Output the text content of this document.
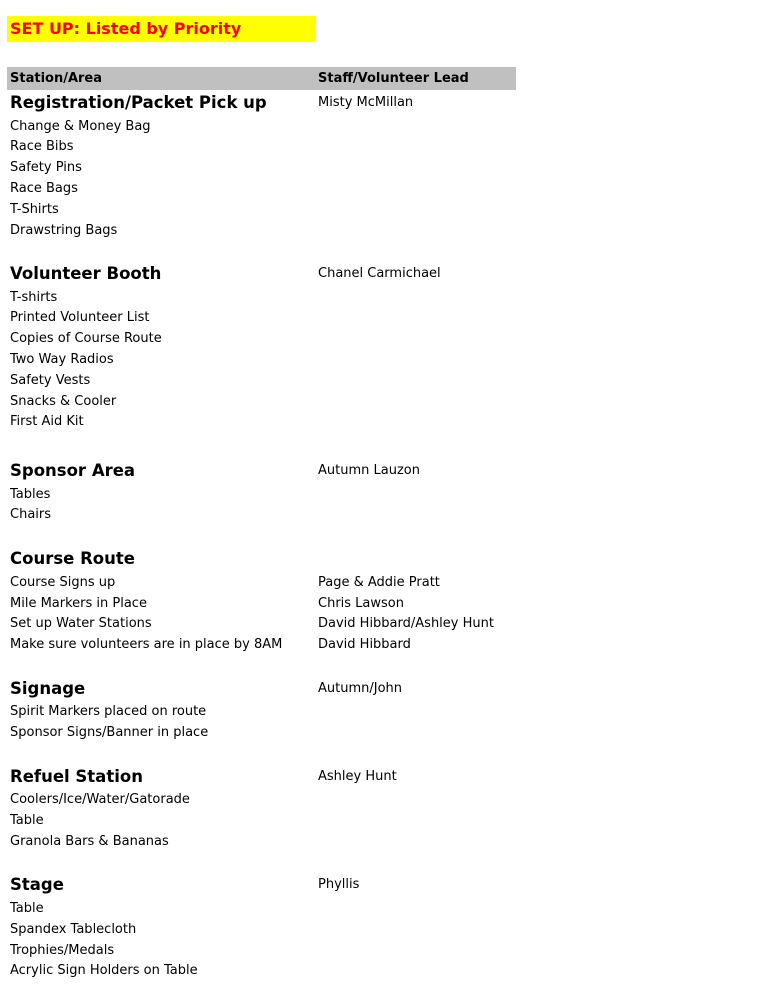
SET UP: Listed by Priority
Station/Area	Staff/Volunteer Lead
Registration/Packet Pick up	Misty McMillan
Change & Money Bag
Race Bibs
Safety Pins
Race Bags
T-Shirts
Drawstring Bags
Volunteer Booth	Chanel Carmichael
T-shirts
Printed Volunteer List
Copies of Course Route
Two Way Radios
Safety Vests
Snacks & Cooler
First Aid Kit
Sponsor Area	Autumn Lauzon
Tables
Chairs
Course Route
Course Signs up	Page & Addie Pratt
Mile Markers in Place	Chris Lawson
Set up Water Stations	David Hibbard/Ashley Hunt
Make sure volunteers are in place by 8AM	David Hibbard
Signage	Autumn/John
Spirit Markers placed on route
Sponsor Signs/Banner in place
Refuel Station	Ashley Hunt
Coolers/Ice/Water/Gatorade
Table
Granola Bars & Bananas
Stage	Phyllis
Table
Spandex Tablecloth
Trophies/Medals
Acrylic Sign Holders on Table
